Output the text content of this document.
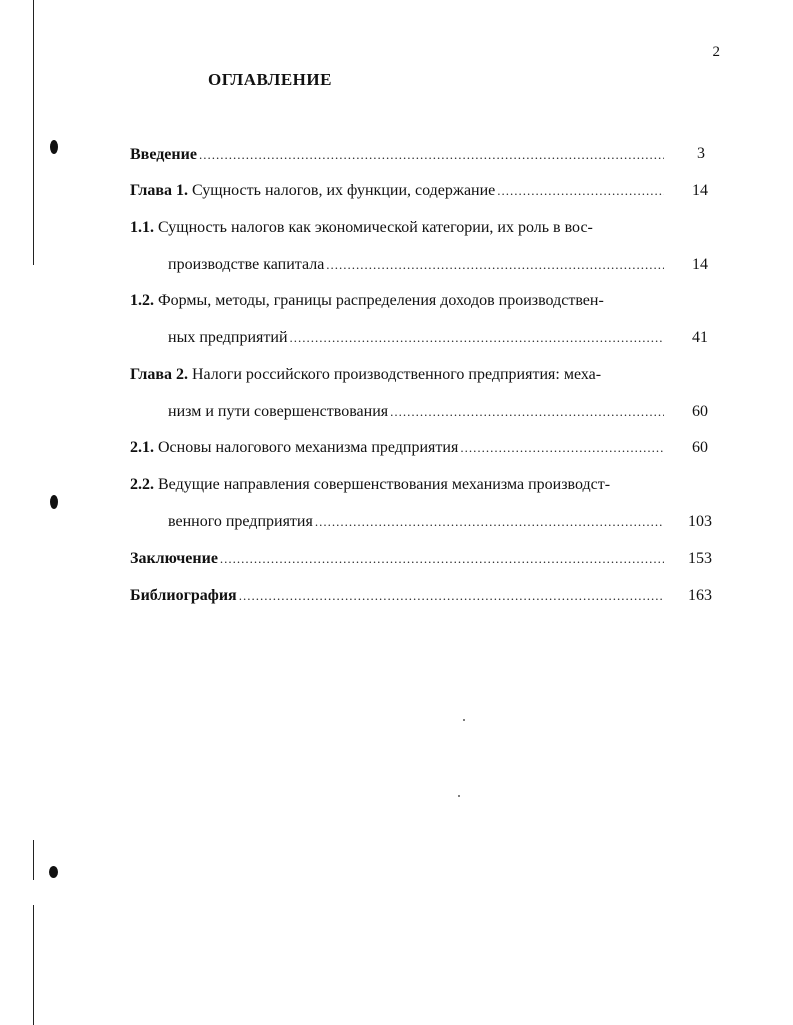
2
ОГЛАВЛЕНИЕ
Введение .....	3
Глава 1. Сущность налогов, их функции, содержание .....	14
1.1. Сущность налогов как экономической категории, их роль в вос-
производстве капитала .....	14
1.2. Формы, методы, границы распределения доходов производствен-
ных предприятий .....	41
Глава 2. Налоги российского производственного предприятия: меха-
низм и пути совершенствования .....	60
2.1. Основы налогового механизма предприятия .....	60
2.2. Ведущие направления совершенствования механизма производст-
венного предприятия .....	103
Заключение .....	153
Библиография .....	163
